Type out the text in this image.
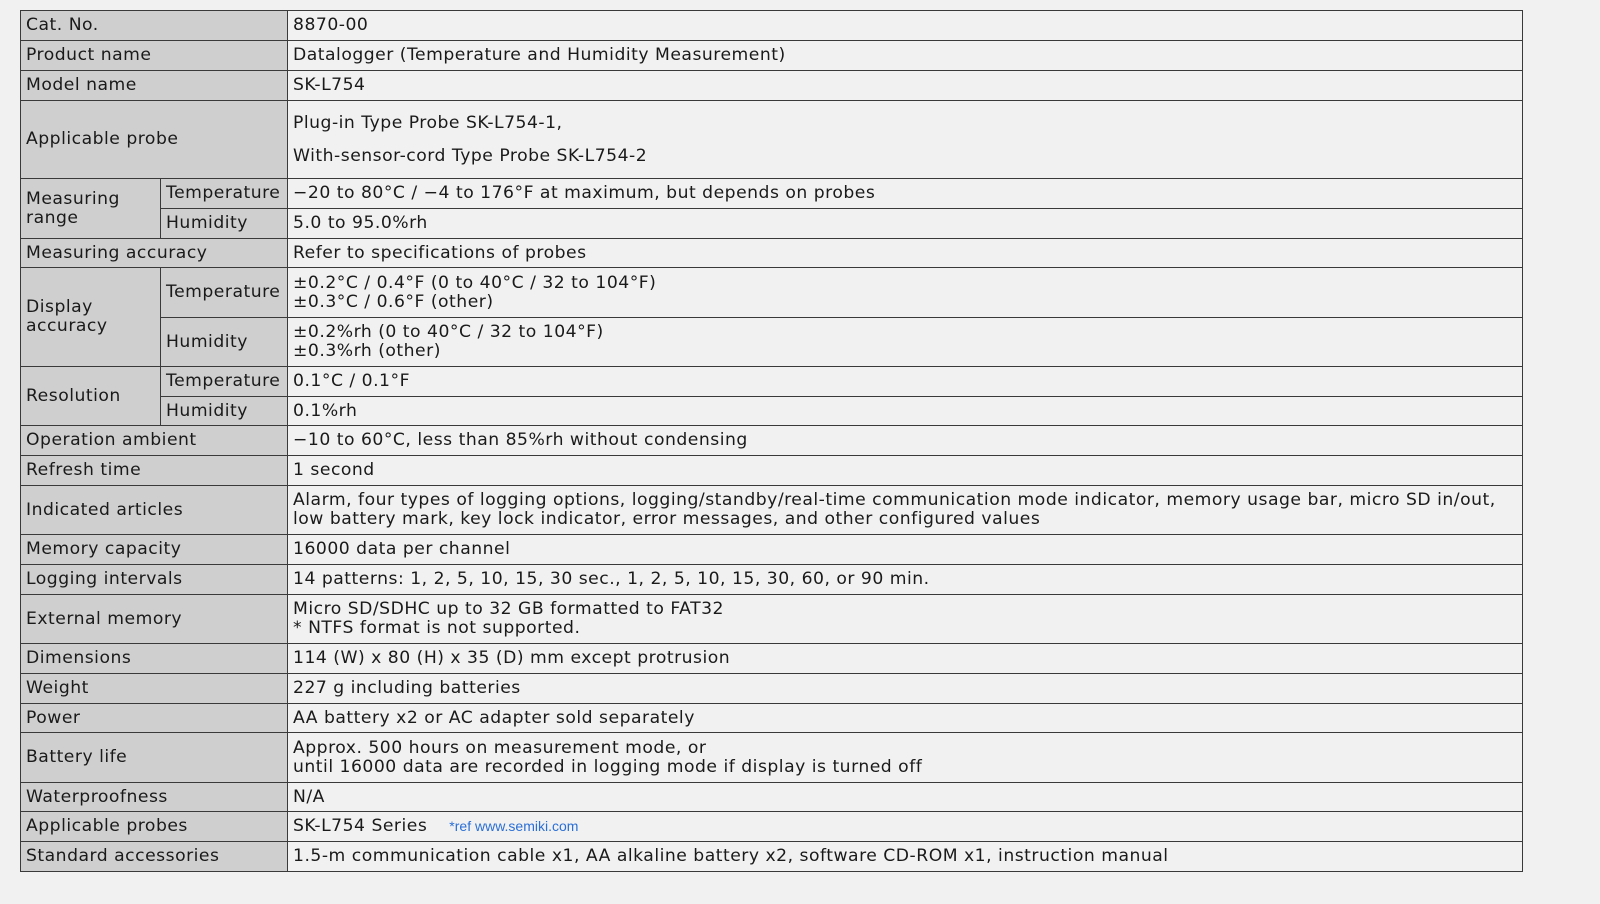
Cat. No.		8870-00
Product name		Datalogger (Temperature and Humidity Measurement)
Model name		SK-L754
Applicable probe		Plug-in Type Probe SK-L754-1,
With-sensor-cord Type Probe SK-L754-2

Measuring range	Temperature	−20 to 80°C / −4 to 176°F at maximum, but depends on probes
	Humidity	5.0 to 95.0%rh
Measuring accuracy		Refer to specifications of probes
Display accuracy	Temperature	±0.2°C / 0.4°F (0 to 40°C / 32 to 104°F)
±0.3°C / 0.6°F (other)

	Humidity	±0.2%rh (0 to 40°C / 32 to 104°F)
±0.3%rh (other)

Resolution	Temperature	0.1°C / 0.1°F
	Humidity	0.1%rh
Operation ambient		−10 to 60°C, less than 85%rh without condensing
Refresh time		1 second
Indicated articles		Alarm, four types of logging options, logging/standby/real-time communication mode indicator, memory usage bar, micro SD in/out,
low battery mark, key lock indicator, error messages, and other configured values

Memory capacity		16000 data per channel
Logging intervals		14 patterns: 1, 2, 5, 10, 15, 30 sec., 1, 2, 5, 10, 15, 30, 60, or 90 min.
External memory		Micro SD/SDHC up to 32 GB formatted to FAT32
* NTFS format is not supported.

Dimensions		114 (W) x 80 (H) x 35 (D) mm except protrusion
Weight		227 g including batteries
Power		AA battery x2 or AC adapter sold separately
Battery life		Approx. 500 hours on measurement mode, or
until 16000 data are recorded in logging mode if display is turned off

Waterproofness		N/A
Applicable probes		SK-L754 Series *ref www.semiki.com
Standard accessories		1.5-m communication cable x1, AA alkaline battery x2, software CD-ROM x1, instruction manual
